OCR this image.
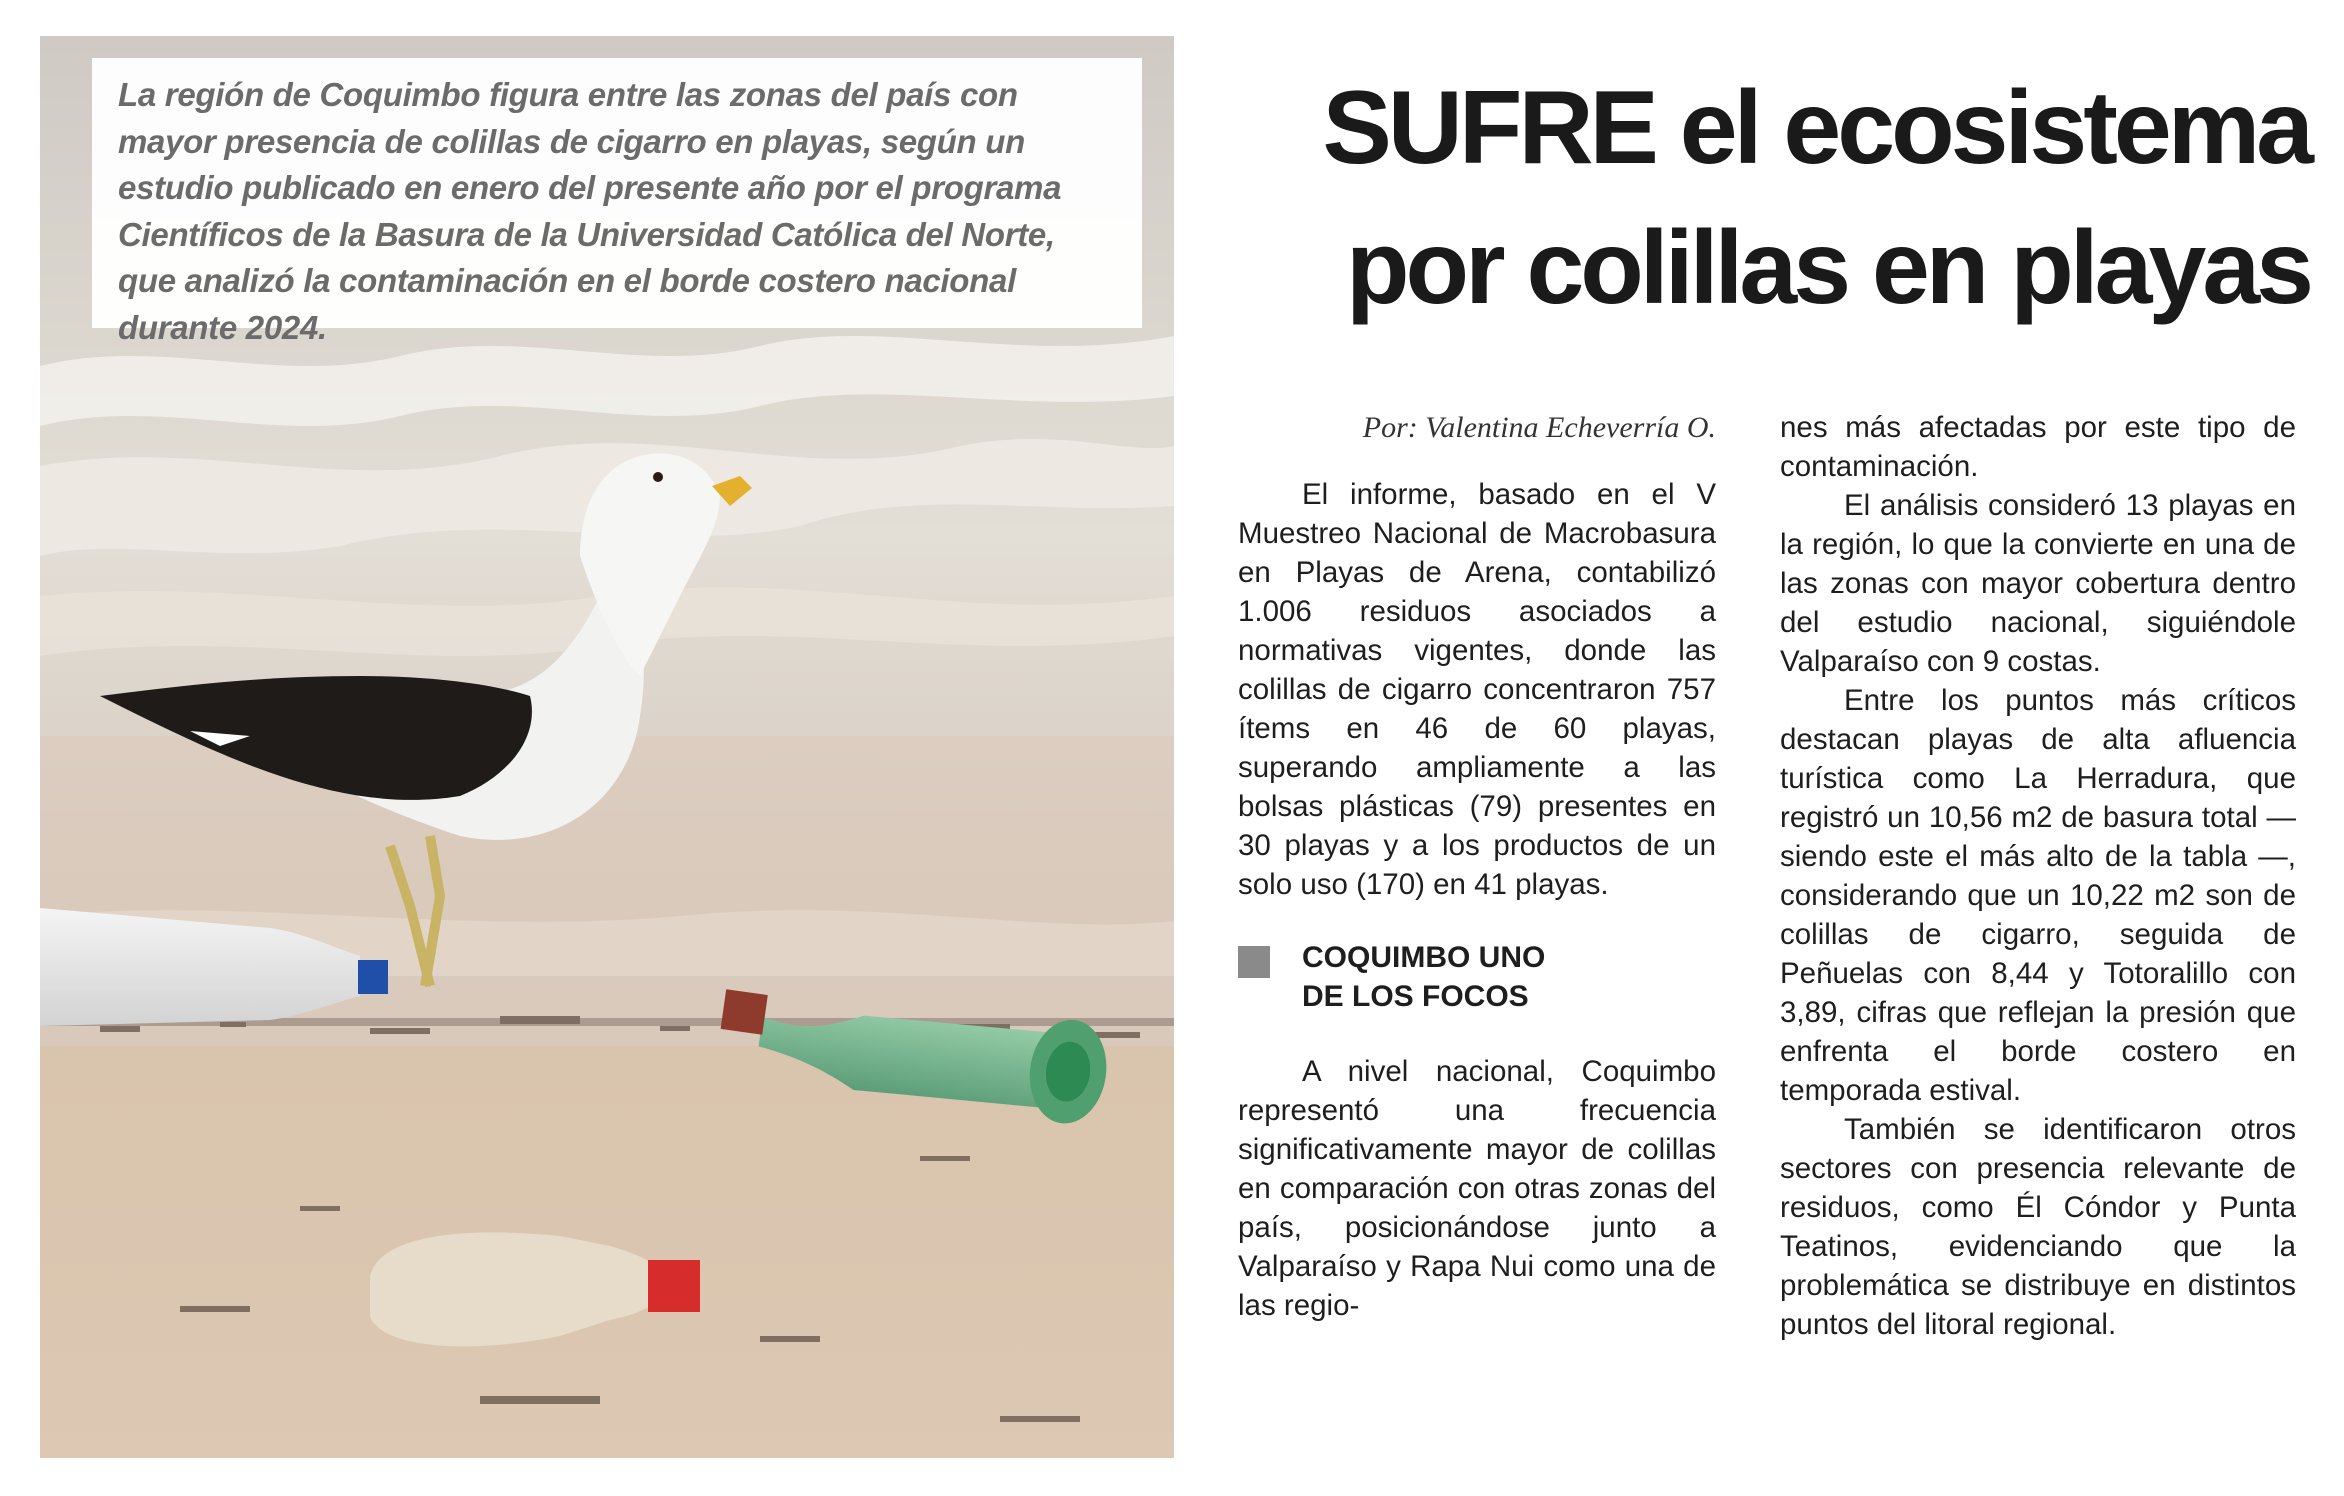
La región de Coquimbo figura entre las zonas del país con mayor presencia de colillas de cigarro en playas, según un estudio publicado en enero del presente año por el programa Científicos de la Basura de la Universidad Católica del Norte, que analizó la contaminación en el borde costero nacional durante 2024.

SUFRE el ecosistema
por colillas en playas

Por: Valentina Echeverría O.

El informe, basado en el V Muestreo Nacional de Macrobasura en Playas de Arena, contabilizó 1.006 residuos asociados a normativas vigentes, donde las colillas de cigarro concentraron 757 ítems en 46 de 60 playas, superando ampliamente a las bolsas plásticas (79) presentes en 30 playas y a los productos de un solo uso (170) en 41 playas.

COQUIMBO UNO
DE LOS FOCOS

A nivel nacional, Coquimbo representó una frecuencia significativamente mayor de colillas en comparación con otras zonas del país, posicionándose junto a Valparaíso y Rapa Nui como una de las regio-

nes más afectadas por este tipo de contaminación.

El análisis consideró 13 playas en la región, lo que la convierte en una de las zonas con mayor cobertura dentro del estudio nacional, siguiéndole Valparaíso con 9 costas.

Entre los puntos más críticos destacan playas de alta afluencia turística como La Herradura, que registró un 10,56 m2 de basura total — siendo este el más alto de la tabla —, considerando que un 10,22 m2 son de colillas de cigarro, seguida de Peñuelas con 8,44 y Totoralillo con 3,89, cifras que reflejan la presión que enfrenta el borde costero en temporada estival.

También se identificaron otros sectores con presencia relevante de residuos, como Él Cóndor y Punta Teatinos, evidenciando que la problemática se distribuye en distintos puntos del litoral regional.
